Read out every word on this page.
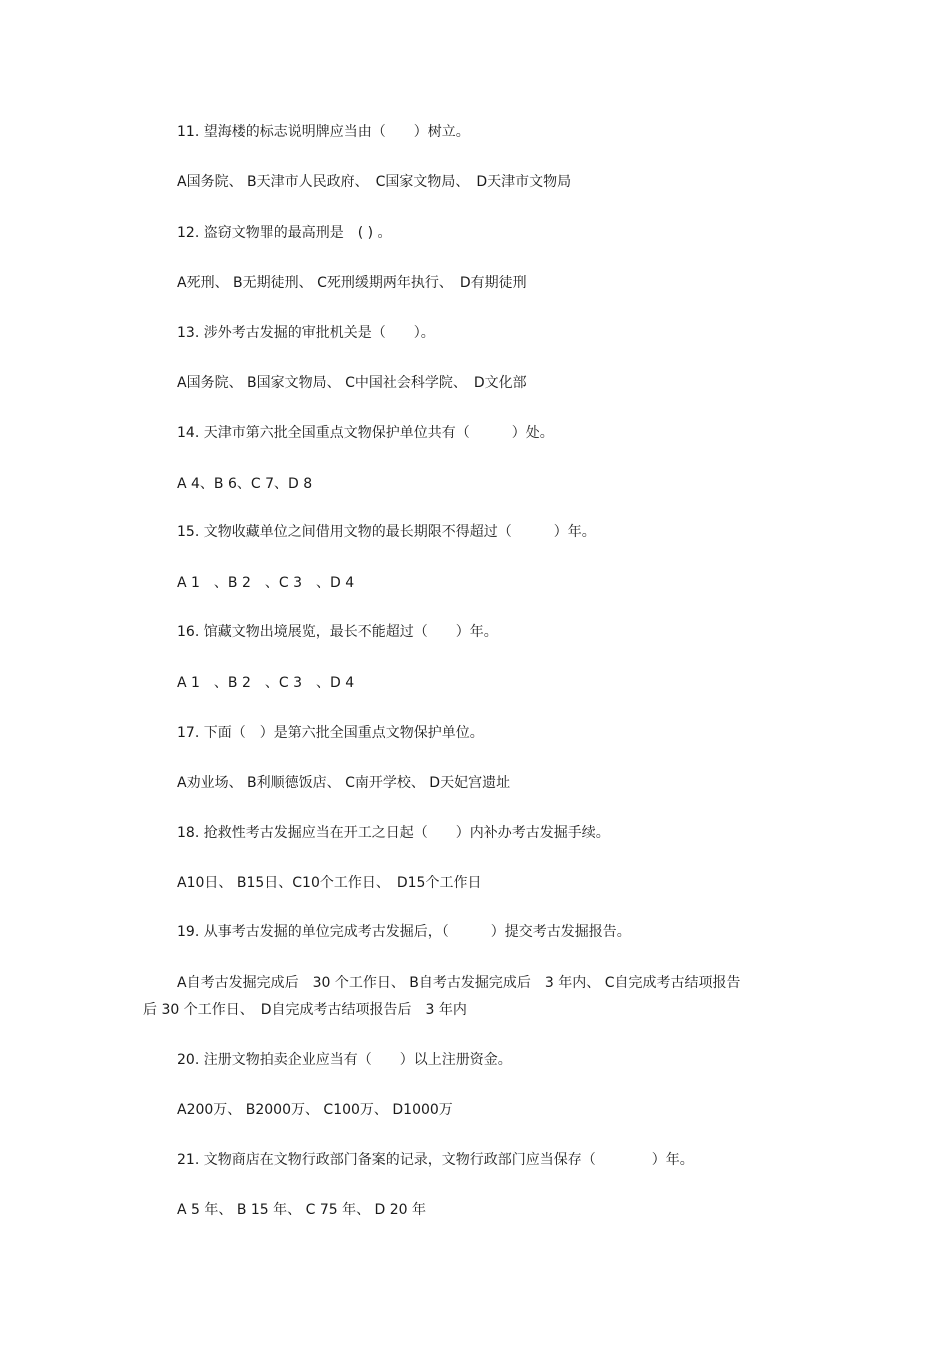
11. 望海楼的标志说明牌应当由（　　）树立。
A国务院、 B天津市人民政府、　C国家文物局、　D天津市文物局
12. 盗窃文物罪的最高刑是　( ) 。
A死刑、 B无期徒刑、 C死刑缓期两年执行、　D有期徒刑
13. 涉外考古发掘的审批机关是（　　）。
A国务院、 B国家文物局、 C中国社会科学院、　D文化部
14. 天津市第六批全国重点文物保护单位共有（　　　）处。
A 4、B 6、C 7、D 8
15. 文物收藏单位之间借用文物的最长期限不得超过（　　　）年。
A 1　、B 2　、C 3　、D 4
16. 馆藏文物出境展览，最长不能超过（　　）年。
A 1　、B 2　、C 3　、D 4
17. 下面（　）是第六批全国重点文物保护单位。
A劝业场、 B利顺德饭店、 C南开学校、 D天妃宫遗址
18. 抢救性考古发掘应当在开工之日起（　　）内补办考古发掘手续。
A10日、 B15日、C10个工作日、　D15个工作日
19. 从事考古发掘的单位完成考古发掘后，（　　　）提交考古发掘报告。
A自考古发掘完成后　30 个工作日、 B自考古发掘完成后　3 年内、 C自完成考古结项报告
后 30 个工作日、　D自完成考古结项报告后　3 年内
20. 注册文物拍卖企业应当有（　　）以上注册资金。
A200万、 B2000万、 C100万、 D1000万
21. 文物商店在文物行政部门备案的记录，文物行政部门应当保存（　　　　）年。
A 5 年、 B 15 年、 C 75 年、 D 20 年
